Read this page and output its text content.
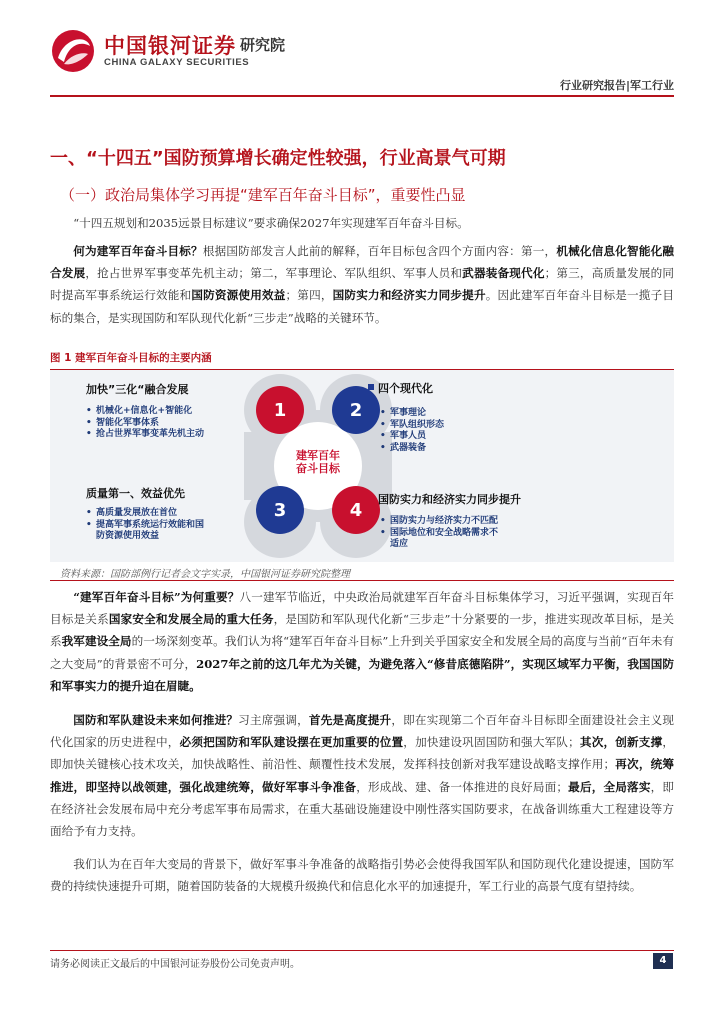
中国银河证券
CHINA GALAXY SECURITIES
研究院
行业研究报告|军工行业
一、“十四五”国防预算增长确定性较强，行业高景气可期
（一）政治局集体学习再提“建军百年奋斗目标”，重要性凸显
“十四五规划和2035远景目标建议”要求确保2027年实现建军百年奋斗目标。
何为建军百年奋斗目标？根据国防部发言人此前的解释，百年目标包含四个方面内容：第一，机械化信息化智能化融合发展，抢占世界军事变革先机主动；第二，军事理论、军队组织、军事人员和武器装备现代化；第三，高质量发展的同时提高军事系统运行效能和国防资源使用效益；第四，国防实力和经济实力同步提升。因此建军百年奋斗目标是一揽子目标的集合，是实现国防和军队现代化新“三步走”战略的关键环节。
图 1 建军百年奋斗目标的主要内涵
1	2
3	4
建军百年
奋斗目标
加快”三化“融合发展
• 机械化+信息化+智能化
• 智能化军事体系
• 抢占世界军事变革先机主动
四个现代化
• 军事理论
• 军队组织形态
• 军事人员
• 武器装备
质量第一、效益优先
• 高质量发展放在首位
• 提高军事系统运行效能和国防资源使用效益
国防实力和经济实力同步提升
• 国防实力与经济实力不匹配
• 国际地位和安全战略需求不适应
资料来源：国防部例行记者会文字实录，中国银河证券研究院整理
“建军百年奋斗目标”为何重要？八一建军节临近，中央政治局就建军百年奋斗目标集体学习，习近平强调，实现百年目标是关系国家安全和发展全局的重大任务，是国防和军队现代化新“三步走”十分紧要的一步，推进实现改革目标，是关系我军建设全局的一场深刻变革。我们认为将“建军百年奋斗目标”上升到关乎国家安全和发展全局的高度与当前“百年未有之大变局”的背景密不可分，2027年之前的这几年尤为关键，为避免落入“修昔底德陷阱”，实现区域军力平衡，我国国防和军事实力的提升迫在眉睫。
国防和军队建设未来如何推进？习主席强调，首先是高度提升，即在实现第二个百年奋斗目标即全面建设社会主义现代化国家的历史进程中，必须把国防和军队建设摆在更加重要的位置，加快建设巩固国防和强大军队；其次，创新支撑，即加快关键核心技术攻关，加快战略性、前沿性、颠覆性技术发展，发挥科技创新对我军建设战略支撑作用；再次，统筹推进，即坚持以战领建，强化战建统筹，做好军事斗争准备，形成战、建、备一体推进的良好局面；最后，全局落实，即在经济社会发展布局中充分考虑军事布局需求，在重大基础设施建设中刚性落实国防要求，在战备训练重大工程建设等方面给予有力支持。
我们认为在百年大变局的背景下，做好军事斗争准备的战略指引势必会使得我国军队和国防现代化建设提速，国防军费的持续快速提升可期，随着国防装备的大规模升级换代和信息化水平的加速提升，军工行业的高景气度有望持续。
请务必阅读正文最后的中国银河证券股份公司免责声明。	4
